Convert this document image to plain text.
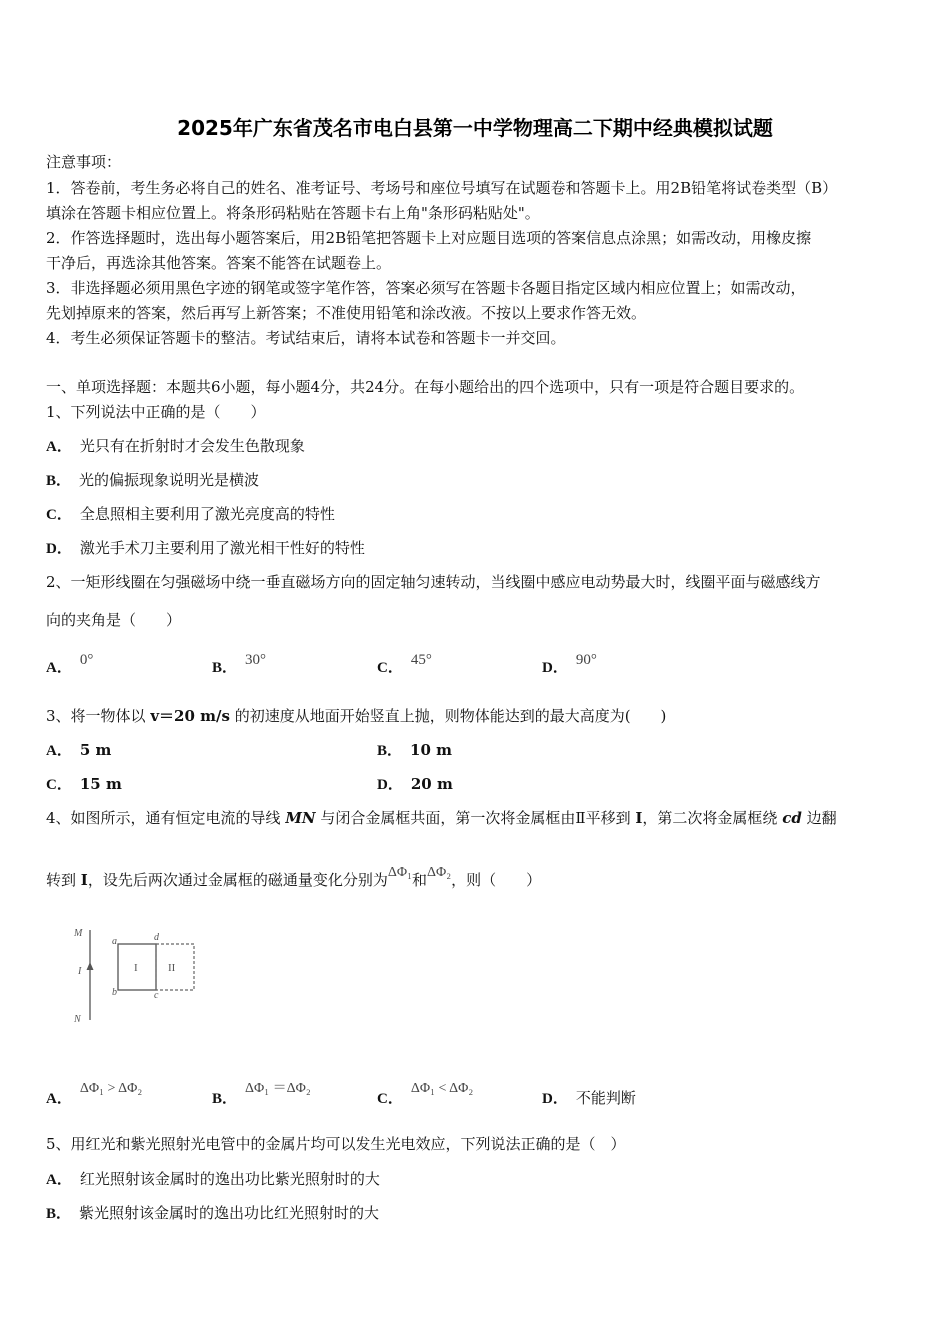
2025年广东省茂名市电白县第一中学物理高二下期中经典模拟试题
注意事项：
1．答卷前，考生务必将自己的姓名、准考证号、考场号和座位号填写在试题卷和答题卡上。用2B铅笔将试卷类型（B）
填涂在答题卡相应位置上。将条形码粘贴在答题卡右上角"条形码粘贴处"。
2．作答选择题时，选出每小题答案后，用2B铅笔把答题卡上对应题目选项的答案信息点涂黑；如需改动，用橡皮擦
干净后，再选涂其他答案。答案不能答在试题卷上。
3．非选择题必须用黑色字迹的钢笔或签字笔作答，答案必须写在答题卡各题目指定区域内相应位置上；如需改动，
先划掉原来的答案，然后再写上新答案；不准使用铅笔和涂改液。不按以上要求作答无效。
4．考生必须保证答题卡的整洁。考试结束后，请将本试卷和答题卡一并交回。
一、单项选择题：本题共6小题，每小题4分，共24分。在每小题给出的四个选项中，只有一项是符合题目要求的。
1、下列说法中正确的是（　　）
A． 光只有在折射时才会发生色散现象
B． 光的偏振现象说明光是横波
C． 全息照相主要利用了激光亮度高的特性
D． 激光手术刀主要利用了激光相干性好的特性
2、一矩形线圈在匀强磁场中绕一垂直磁场方向的固定轴匀速转动，当线圈中感应电动势最大时，线圈平面与磁感线方
向的夹角是（　　）
A． 0°	B． 30°	C． 45°	D． 90°
3、将一物体以 v＝20 m/s 的初速度从地面开始竖直上抛，则物体能达到的最大高度为(　　)
A． 5 m	B． 10 m
C． 15 m	D． 20 m
4、如图所示，通有恒定电流的导线 MN 与闭合金属框共面，第一次将金属框由Ⅱ平移到 I，第二次将金属框绕 cd 边翻
转到 I，设先后两次通过金属框的磁通量变化分别为ΔΦ₁和ΔΦ₂，则（　　）
M
N
I
a
b	c
d
I	II
A．ΔΦ₁ > ΔΦ₂
B．ΔΦ₁ ＝ΔΦ₂
C．ΔΦ₁ < ΔΦ₂
D． 不能判断
5、用红光和紫光照射光电管中的金属片均可以发生光电效应，下列说法正确的是（　）
A． 红光照射该金属时的逸出功比紫光照射时的大
B． 紫光照射该金属时的逸出功比红光照射时的大
